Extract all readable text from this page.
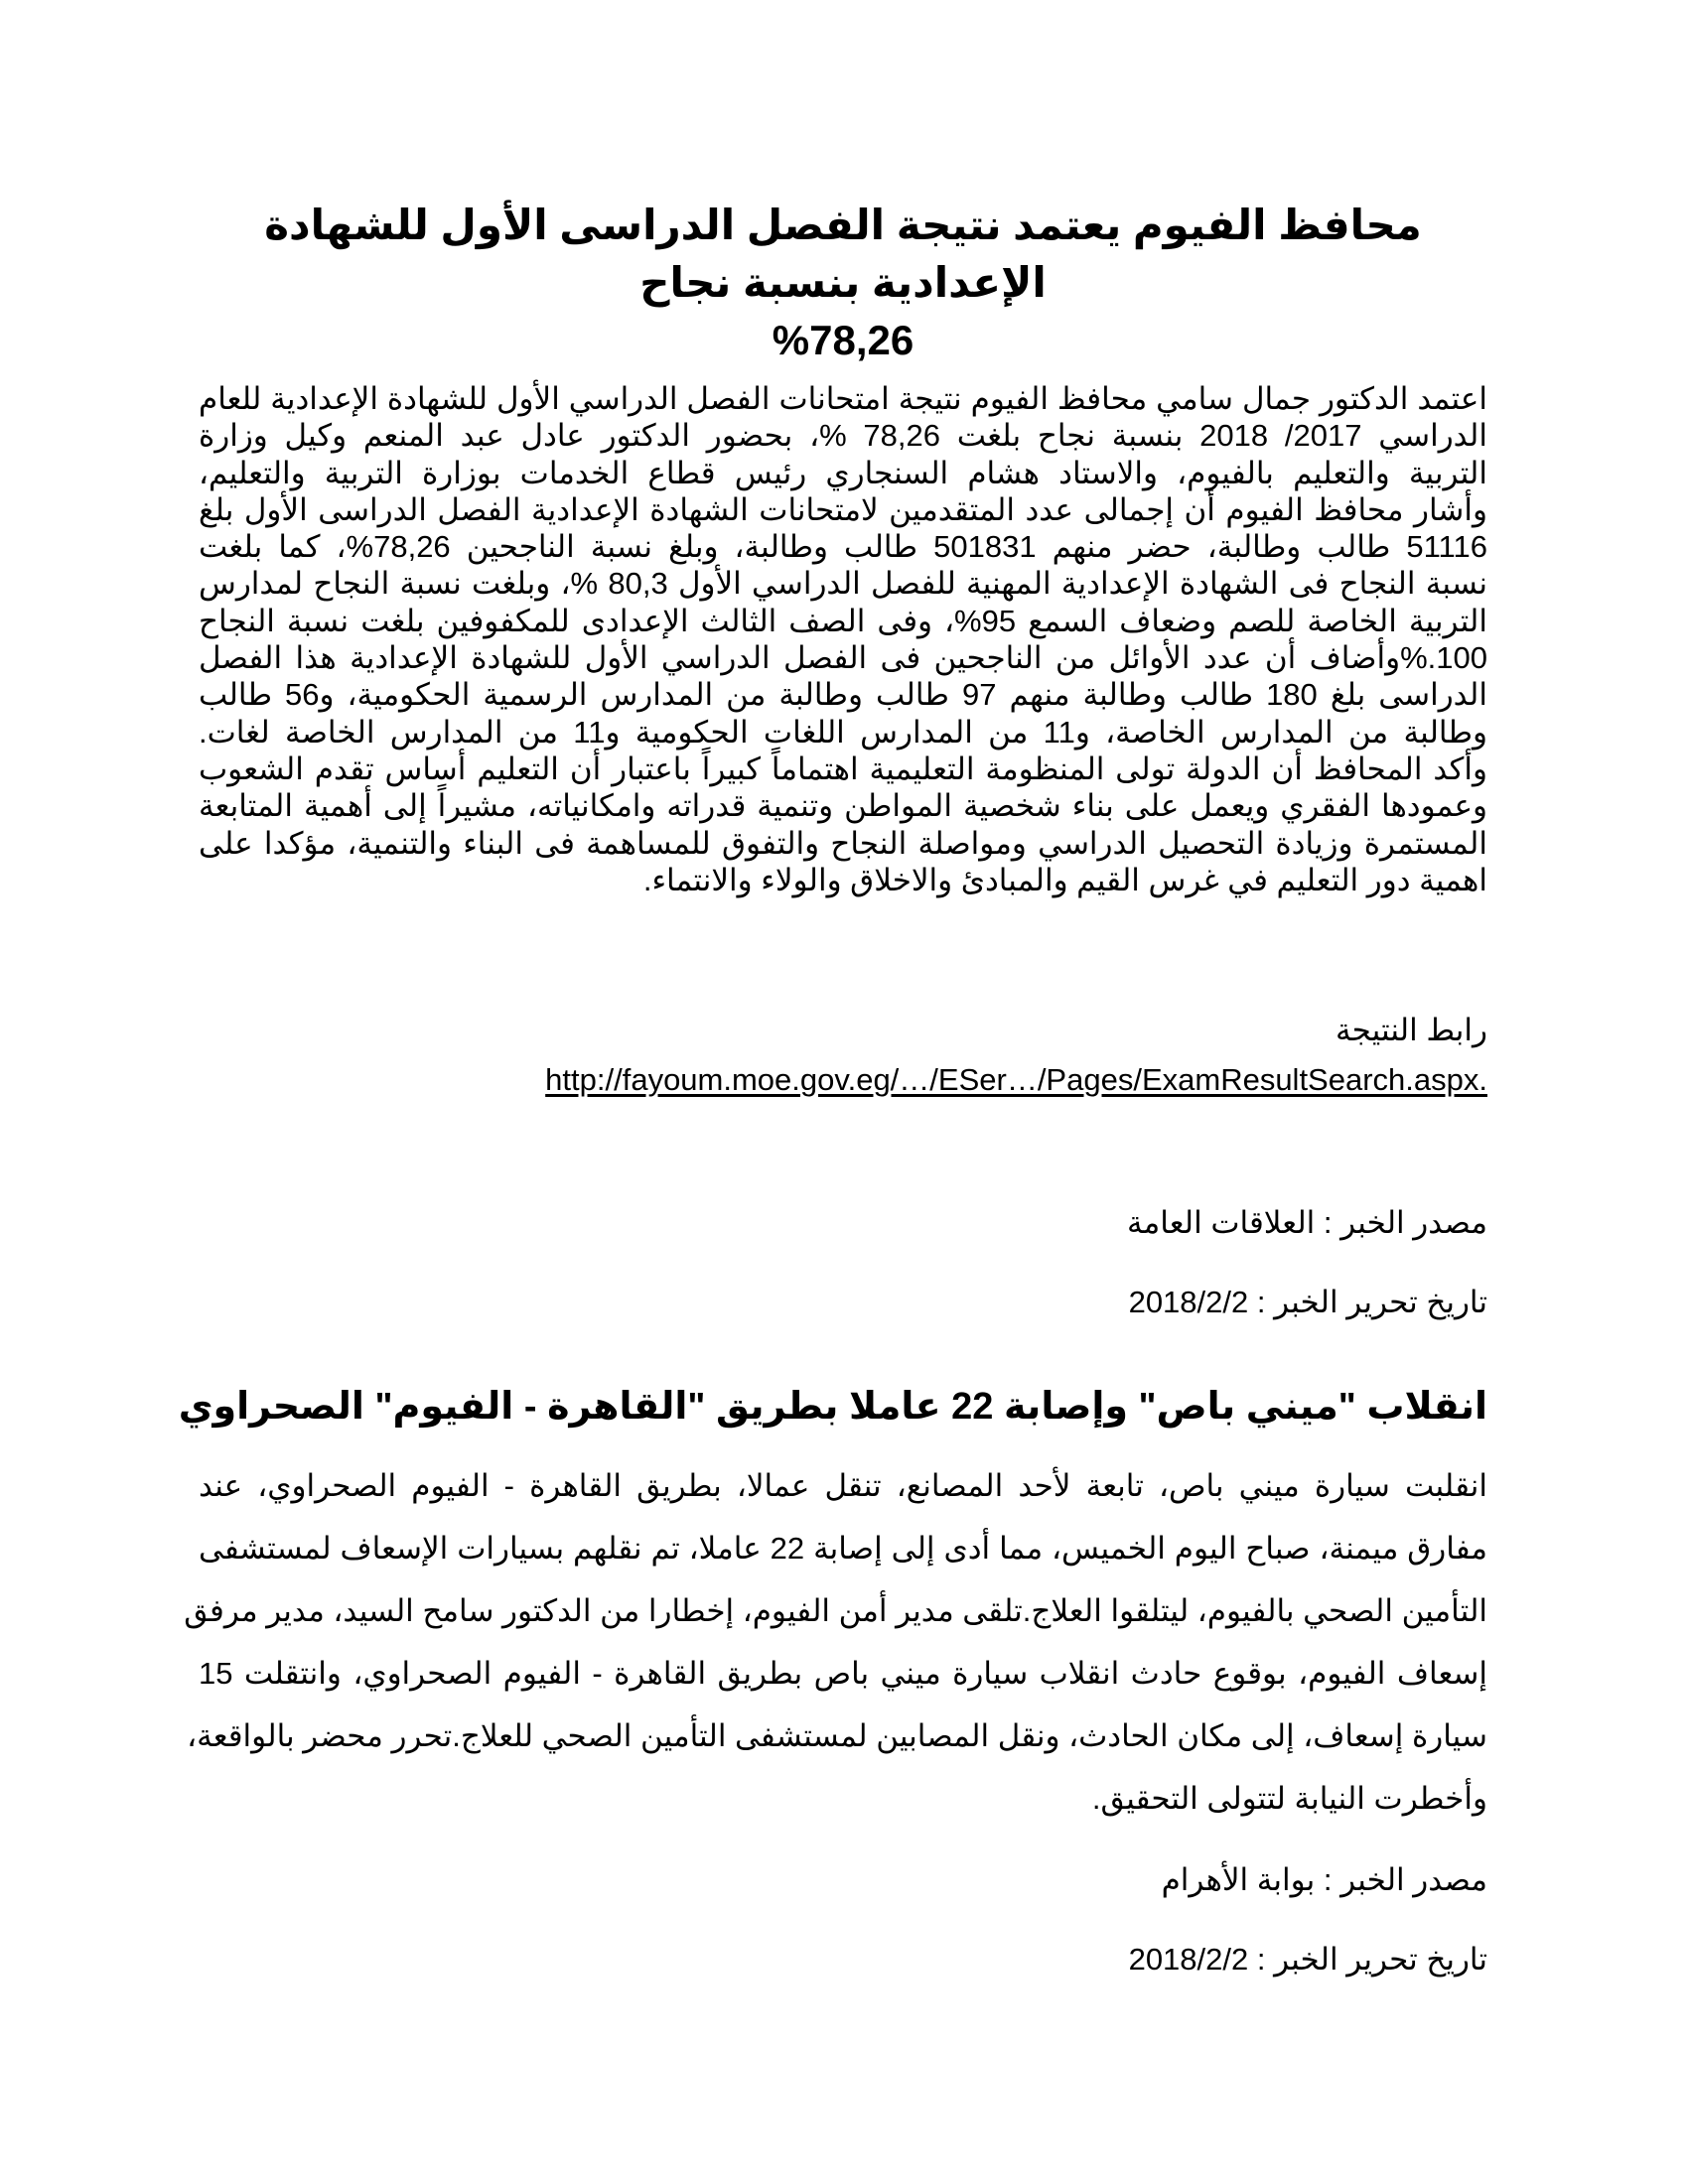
محافظ الفيوم يعتمد نتيجة الفصل الدراسى الأول للشهادة الإعدادية بنسبة نجاح
%78,26

اعتمد الدكتور جمال سامي محافظ الفيوم نتيجة امتحانات الفصل الدراسي الأول للشهادة الإعدادية للعام
الدراسي 2017/ 2018 بنسبة نجاح بلغت 78,26 %، بحضور الدكتور عادل عبد المنعم وكيل وزارة
التربية والتعليم بالفيوم، والاستاد هشام السنجاري رئيس قطاع الخدمات بوزارة التربية والتعليم،
وأشار محافظ الفيوم أن إجمالى عدد المتقدمين لامتحانات الشهادة الإعدادية الفصل الدراسى الأول بلغ
51116 طالب وطالبة، حضر منهم 501831 طالب وطالبة، وبلغ نسبة الناجحين 78,26%، كما بلغت
نسبة النجاح فى الشهادة الإعدادية المهنية للفصل الدراسي الأول 80,3 %، وبلغت نسبة النجاح لمدارس
التربية الخاصة للصم وضعاف السمع 95%، وفى الصف الثالث الإعدادى للمكفوفين بلغت نسبة النجاح
100.%وأضاف أن عدد الأوائل من الناجحين فى الفصل الدراسي الأول للشهادة الإعدادية هذا الفصل
الدراسى بلغ 180 طالب وطالبة منهم 97 طالب وطالبة من المدارس الرسمية الحكومية، و56 طالب
وطالبة من المدارس الخاصة، و11 من المدارس اللغات الحكومية و11 من المدارس الخاصة لغات.
وأكد المحافظ أن الدولة تولى المنظومة التعليمية اهتماماً كبيراً باعتبار أن التعليم أساس تقدم الشعوب
وعمودها الفقري ويعمل على بناء شخصية المواطن وتنمية قدراته وامكانياته، مشيراً إلى أهمية المتابعة
المستمرة وزيادة التحصيل الدراسي ومواصلة النجاح والتفوق للمساهمة فى البناء والتنمية، مؤكدا على
اهمية دور التعليم في غرس القيم والمبادئ والاخلاق والولاء والانتماء.

رابط النتيجة

http://fayoum.moe.gov.eg/…/ESer…/Pages/ExamResultSearch.aspx.

مصدر الخبر : العلاقات العامة

تاريخ تحرير الخبر : 2018/2/2

انقلاب "ميني باص" وإصابة 22 عاملا بطريق "القاهرة - الفيوم" الصحراوي

انقلبت سيارة ميني باص، تابعة لأحد المصانع، تنقل عمالا، بطريق القاهرة - الفيوم الصحراوي، عند
مفارق ميمنة، صباح اليوم الخميس، مما أدى إلى إصابة 22 عاملا، تم نقلهم بسيارات الإسعاف لمستشفى
التأمين الصحي بالفيوم، ليتلقوا العلاج.تلقى مدير أمن الفيوم، إخطارا من الدكتور سامح السيد، مدير مرفق
إسعاف الفيوم، بوقوع حادث انقلاب سيارة ميني باص بطريق القاهرة - الفيوم الصحراوي، وانتقلت 15
سيارة إسعاف، إلى مكان الحادث، ونقل المصابين لمستشفى التأمين الصحي للعلاج.تحرر محضر بالواقعة،
وأخطرت النيابة لتتولى التحقيق.

مصدر الخبر : بوابة الأهرام

تاريخ تحرير الخبر : 2018/2/2
